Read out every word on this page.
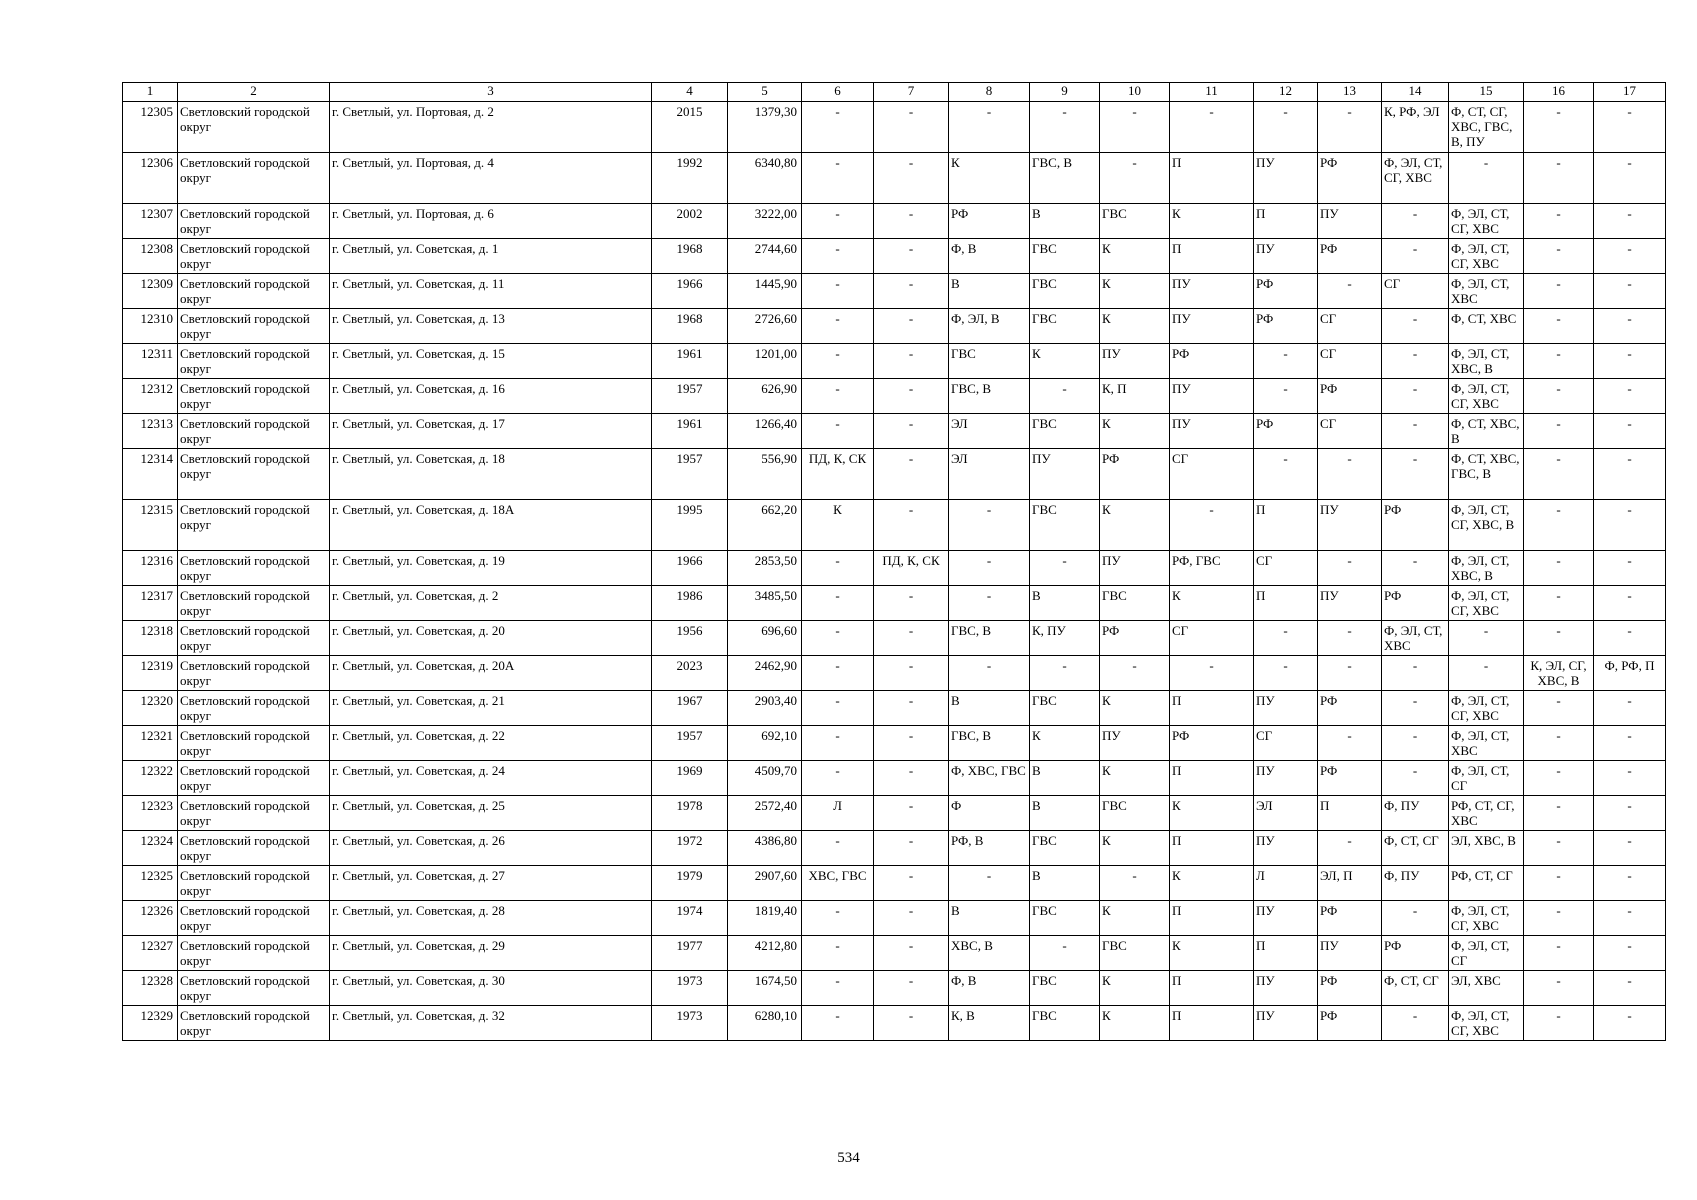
1	2	3	4	5	6	7	8	9	10	11	12	13	14	15	16	17
12305	Светловский городской округ	г. Светлый, ул. Портовая, д. 2	2015	1379,30	-	-	-	-	-	-	-	-	К, РФ, ЭЛ	Ф, СТ, СГ, ХВС, ГВС, В, ПУ	-	-
12306	Светловский городской округ	г. Светлый, ул. Портовая, д. 4	1992	6340,80	-	-	К	ГВС, В	-	П	ПУ	РФ	Ф, ЭЛ, СТ, СГ, ХВС	-	-	-
12307	Светловский городской округ	г. Светлый, ул. Портовая, д. 6	2002	3222,00	-	-	РФ	В	ГВС	К	П	ПУ	-	Ф, ЭЛ, СТ, СГ, ХВС	-	-
12308	Светловский городской округ	г. Светлый, ул. Советская, д. 1	1968	2744,60	-	-	Ф, В	ГВС	К	П	ПУ	РФ	-	Ф, ЭЛ, СТ, СГ, ХВС	-	-
12309	Светловский городской округ	г. Светлый, ул. Советская, д. 11	1966	1445,90	-	-	В	ГВС	К	ПУ	РФ	-	СГ	Ф, ЭЛ, СТ, ХВС	-	-
12310	Светловский городской округ	г. Светлый, ул. Советская, д. 13	1968	2726,60	-	-	Ф, ЭЛ, В	ГВС	К	ПУ	РФ	СГ	-	Ф, СТ, ХВС	-	-
12311	Светловский городской округ	г. Светлый, ул. Советская, д. 15	1961	1201,00	-	-	ГВС	К	ПУ	РФ	-	СГ	-	Ф, ЭЛ, СТ, ХВС, В	-	-
12312	Светловский городской округ	г. Светлый, ул. Советская, д. 16	1957	626,90	-	-	ГВС, В	-	К, П	ПУ	-	РФ	-	Ф, ЭЛ, СТ, СГ, ХВС	-	-
12313	Светловский городской округ	г. Светлый, ул. Советская, д. 17	1961	1266,40	-	-	ЭЛ	ГВС	К	ПУ	РФ	СГ	-	Ф, СТ, ХВС, В	-	-
12314	Светловский городской округ	г. Светлый, ул. Советская, д. 18	1957	556,90	ПД, К, СК	-	ЭЛ	ПУ	РФ	СГ	-	-	-	Ф, СТ, ХВС, ГВС, В	-	-
12315	Светловский городской округ	г. Светлый, ул. Советская, д. 18А	1995	662,20	К	-	-	ГВС	К	-	П	ПУ	РФ	Ф, ЭЛ, СТ, СГ, ХВС, В	-	-
12316	Светловский городской округ	г. Светлый, ул. Советская, д. 19	1966	2853,50	-	ПД, К, СК	-	-	ПУ	РФ, ГВС	СГ	-	-	Ф, ЭЛ, СТ, ХВС, В	-	-
12317	Светловский городской округ	г. Светлый, ул. Советская, д. 2	1986	3485,50	-	-	-	В	ГВС	К	П	ПУ	РФ	Ф, ЭЛ, СТ, СГ, ХВС	-	-
12318	Светловский городской округ	г. Светлый, ул. Советская, д. 20	1956	696,60	-	-	ГВС, В	К, ПУ	РФ	СГ	-	-	Ф, ЭЛ, СТ, ХВС	-	-	-
12319	Светловский городской округ	г. Светлый, ул. Советская, д. 20А	2023	2462,90	-	-	-	-	-	-	-	-	-	-	К, ЭЛ, СГ, ХВС, В	Ф, РФ, П
12320	Светловский городской округ	г. Светлый, ул. Советская, д. 21	1967	2903,40	-	-	В	ГВС	К	П	ПУ	РФ	-	Ф, ЭЛ, СТ, СГ, ХВС	-	-
12321	Светловский городской округ	г. Светлый, ул. Советская, д. 22	1957	692,10	-	-	ГВС, В	К	ПУ	РФ	СГ	-	-	Ф, ЭЛ, СТ, ХВС	-	-
12322	Светловский городской округ	г. Светлый, ул. Советская, д. 24	1969	4509,70	-	-	Ф, ХВС, ГВС	В	К	П	ПУ	РФ	-	Ф, ЭЛ, СТ, СГ	-	-
12323	Светловский городской округ	г. Светлый, ул. Советская, д. 25	1978	2572,40	Л	-	Ф	В	ГВС	К	ЭЛ	П	Ф, ПУ	РФ, СТ, СГ, ХВС	-	-
12324	Светловский городской округ	г. Светлый, ул. Советская, д. 26	1972	4386,80	-	-	РФ, В	ГВС	К	П	ПУ	-	Ф, СТ, СГ	ЭЛ, ХВС, В	-	-
12325	Светловский городской округ	г. Светлый, ул. Советская, д. 27	1979	2907,60	ХВС, ГВС	-	-	В	-	К	Л	ЭЛ, П	Ф, ПУ	РФ, СТ, СГ	-	-
12326	Светловский городской округ	г. Светлый, ул. Советская, д. 28	1974	1819,40	-	-	В	ГВС	К	П	ПУ	РФ	-	Ф, ЭЛ, СТ, СГ, ХВС	-	-
12327	Светловский городской округ	г. Светлый, ул. Советская, д. 29	1977	4212,80	-	-	ХВС, В	-	ГВС	К	П	ПУ	РФ	Ф, ЭЛ, СТ, СГ	-	-
12328	Светловский городской округ	г. Светлый, ул. Советская, д. 30	1973	1674,50	-	-	Ф, В	ГВС	К	П	ПУ	РФ	Ф, СТ, СГ	ЭЛ, ХВС	-	-
12329	Светловский городской округ	г. Светлый, ул. Советская, д. 32	1973	6280,10	-	-	К, В	ГВС	К	П	ПУ	РФ	-	Ф, ЭЛ, СТ, СГ, ХВС	-	-
534
